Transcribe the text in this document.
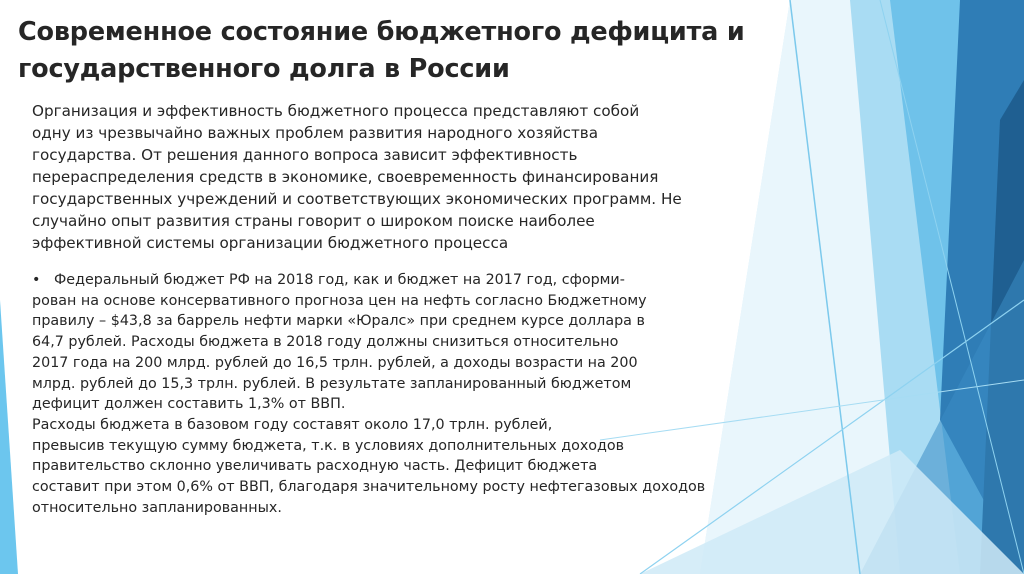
Современное состояние бюджетного дефицита и
государственного долга в России
Организация и эффективность бюджетного процесса представляют собой
одну из чрезвычайно важных проблем развития народного хозяйства
государства. От решения данного вопроса зависит эффективность
перераспределения средств в экономике, своевременность финансирования
государственных учреждений и соответствующих экономических программ. Не
случайно опыт развития страны говорит о широком поиске наиболее
эффективной системы организации бюджетного процесса
• Федеральный бюджет РФ на 2018 год, как и бюджет на 2017 год, сформи-
рован на основе консервативного прогноза цен на нефть согласно Бюджетному
правилу – $43,8 за баррель нефти марки «Юралс» при среднем курсе доллара в
64,7 рублей. Расходы бюджета в 2018 году должны снизиться относительно
2017 года на 200 млрд. рублей до 16,5 трлн. рублей, а доходы возрасти на 200
млрд. рублей до 15,3 трлн. рублей. В результате запланированный бюджетом
дефицит должен составить 1,3% от ВВП.
Расходы бюджета в базовом году составят около 17,0 трлн. рублей,
превысив текущую сумму бюджета, т.к. в условиях дополнительных доходов
правительство склонно увеличивать расходную часть. Дефицит бюджета
составит при этом 0,6% от ВВП, благодаря значительному росту нефтегазовых доходов
относительно запланированных.
